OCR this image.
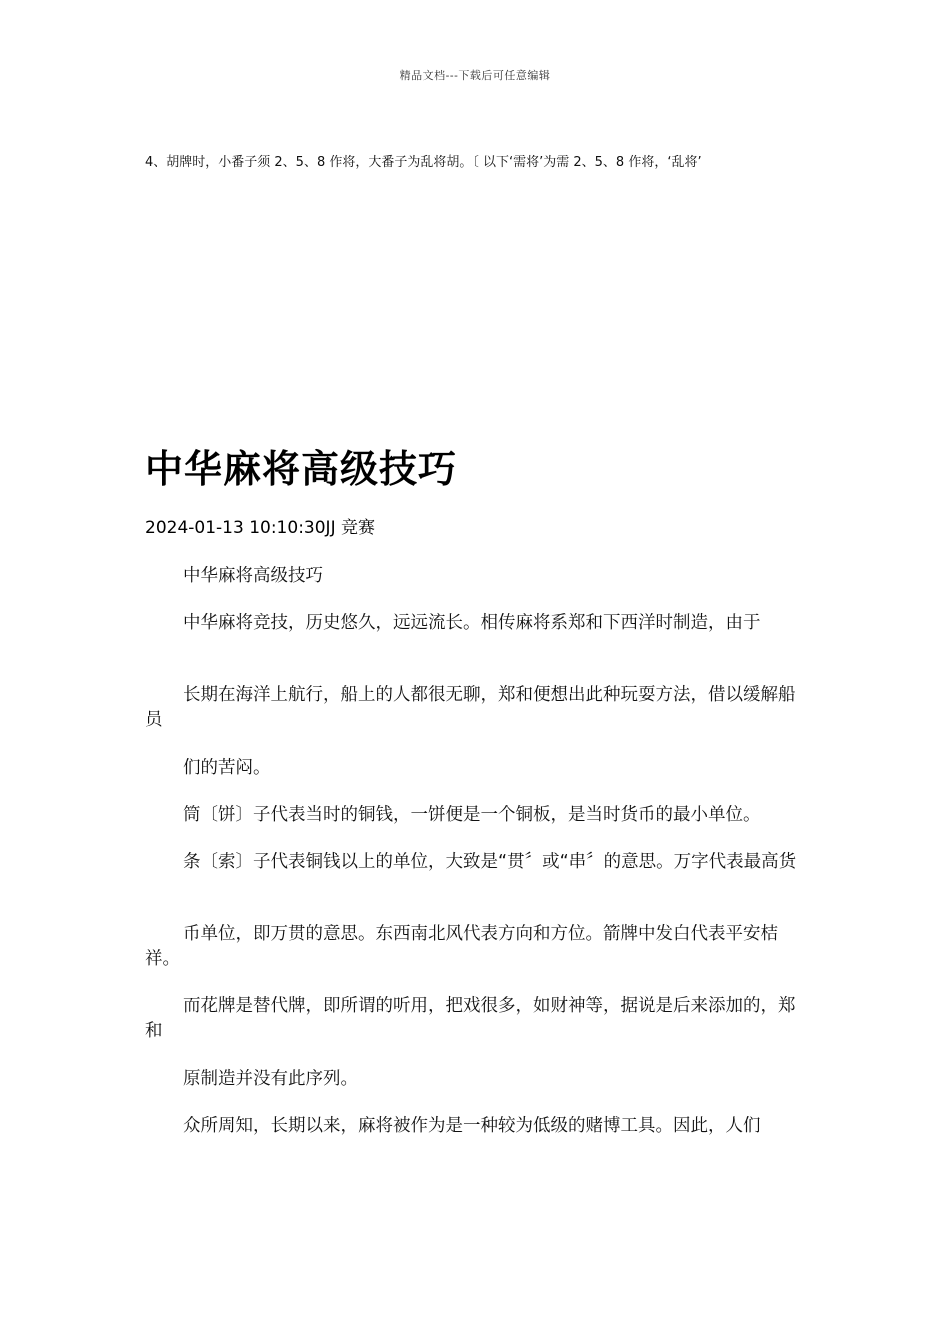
精品文档---下载后可任意编辑
4、胡牌时，小番子须 2、5、8 作将，大番子为乱将胡。〔 以下‘需将’为需 2、5、8 作将，‘乱将’
中华麻将高级技巧
2024-01-13 10:10:30JJ 竞赛
中华麻将高级技巧
中华麻将竞技，历史悠久，远远流长。相传麻将系郑和下西洋时制造，由于
长期在海洋上航行，船上的人都很无聊，郑和便想出此种玩耍方法，借以缓解船员
们的苦闷。
筒〔饼〕子代表当时的铜钱，一饼便是一个铜板，是当时货币的最小单位。
条〔索〕子代表铜钱以上的单位，大致是“贯〞或“串〞的意思。万字代表最高货
币单位，即万贯的意思。东西南北风代表方向和方位。箭牌中发白代表平安桔祥。
而花牌是替代牌，即所谓的听用，把戏很多，如财神等，据说是后来添加的，郑和
原制造并没有此序列。
众所周知，长期以来，麻将被作为是一种较为低级的赌博工具。因此，人们
